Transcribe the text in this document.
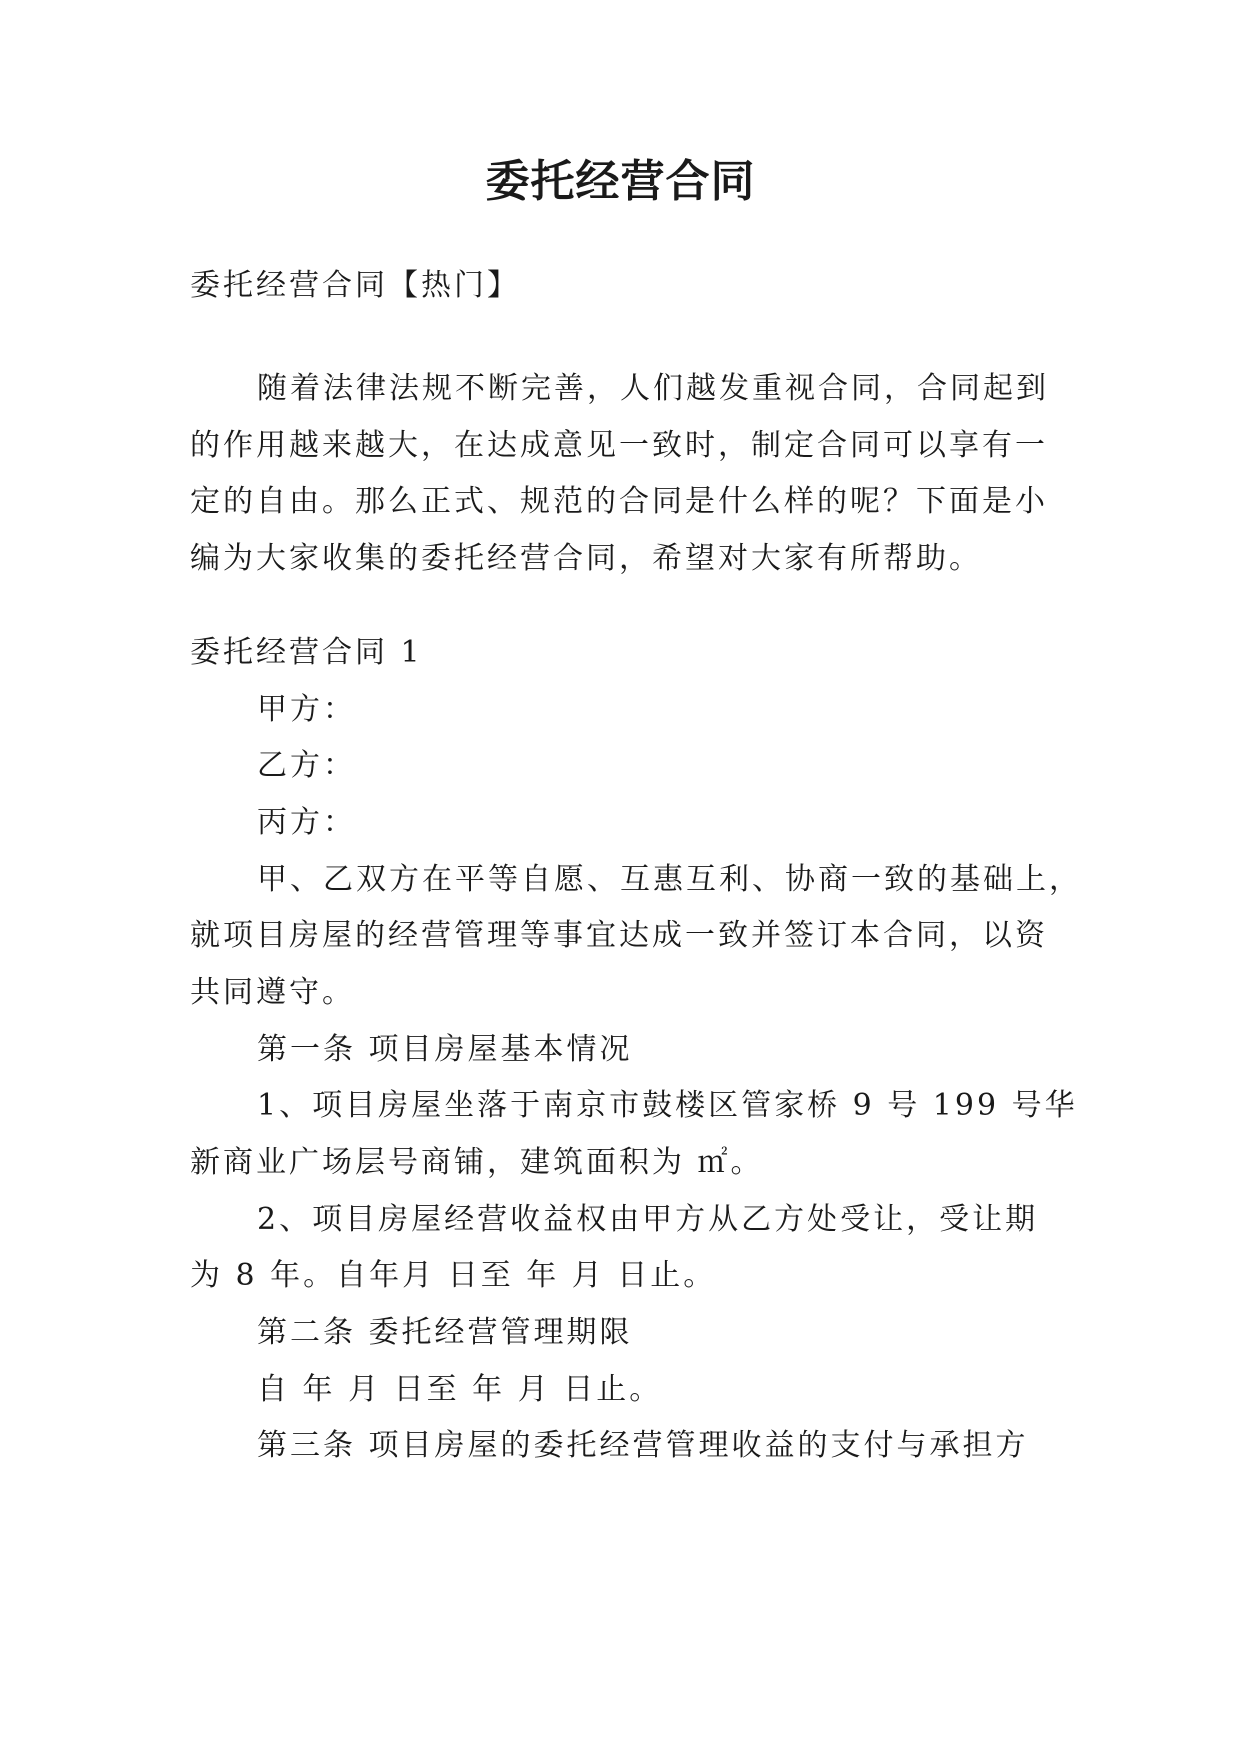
委托经营合同
委托经营合同【热门】
随着法律法规不断完善，人们越发重视合同，合同起到
的作用越来越大，在达成意见一致时，制定合同可以享有一
定的自由。那么正式、规范的合同是什么样的呢？下面是小
编为大家收集的委托经营合同，希望对大家有所帮助。
委托经营合同 1
甲方：
乙方：
丙方：
甲、乙双方在平等自愿、互惠互利、协商一致的基础上，
就项目房屋的经营管理等事宜达成一致并签订本合同，以资
共同遵守。
第一条 项目房屋基本情况
1、项目房屋坐落于南京市鼓楼区管家桥 9 号 199 号华
新商业广场层号商铺，建筑面积为 ㎡。
2、项目房屋经营收益权由甲方从乙方处受让，受让期
为 8 年。自年月 日至 年 月 日止。
第二条 委托经营管理期限
自 年 月 日至 年 月 日止。
第三条 项目房屋的委托经营管理收益的支付与承担方
